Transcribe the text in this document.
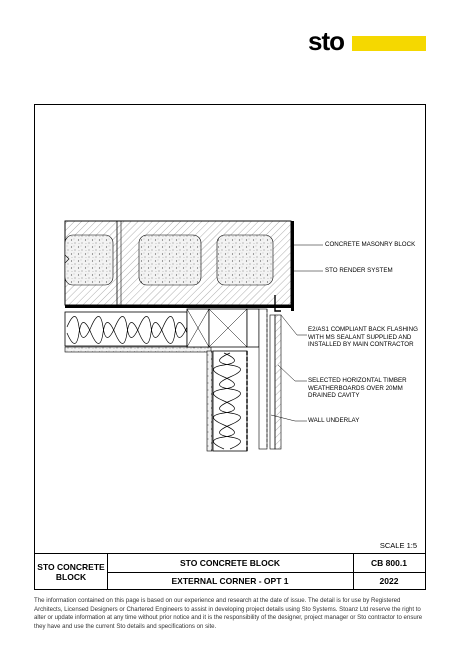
sto
CONCRETE MASONRY BLOCK
STO RENDER SYSTEM
E2/AS1 COMPLIANT BACK FLASHING WITH MS SEALANT SUPPLIED AND INSTALLED BY MAIN CONTRACTOR
SELECTED HORIZONTAL TIMBER WEATHERBOARDS OVER 20MM DRAINED CAVITY
WALL UNDERLAY
SCALE 1:5
STO CONCRETE BLOCK
STO CONCRETE BLOCK
EXTERNAL CORNER - OPT 1
CB 800.1
2022
The information contained on this page is based on our experience and research at the date of issue. The detail is for use by Registered Architects, Licensed Designers or Chartered Engineers to assist in developing project details using Sto Systems. Stoanz Ltd reserve the right to alter or update information at any time without prior notice and it is the responsibility of the designer, project manager or Sto contractor to ensure they have and use the current Sto details and specifications on site.
